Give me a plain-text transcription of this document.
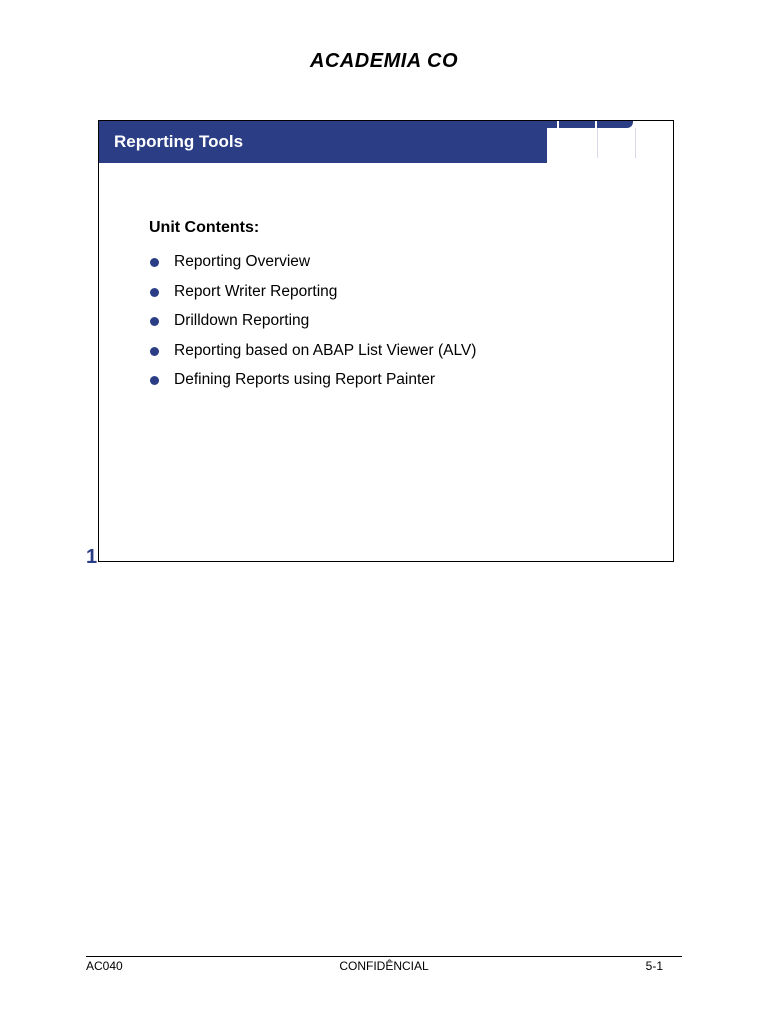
ACADEMIA CO
Reporting Tools
Unit Contents:
Reporting Overview
Report Writer Reporting
Drilldown Reporting
Reporting based on ABAP List Viewer (ALV)
Defining Reports using Report Painter
1
AC040	CONFIDÊNCIAL	5-1
